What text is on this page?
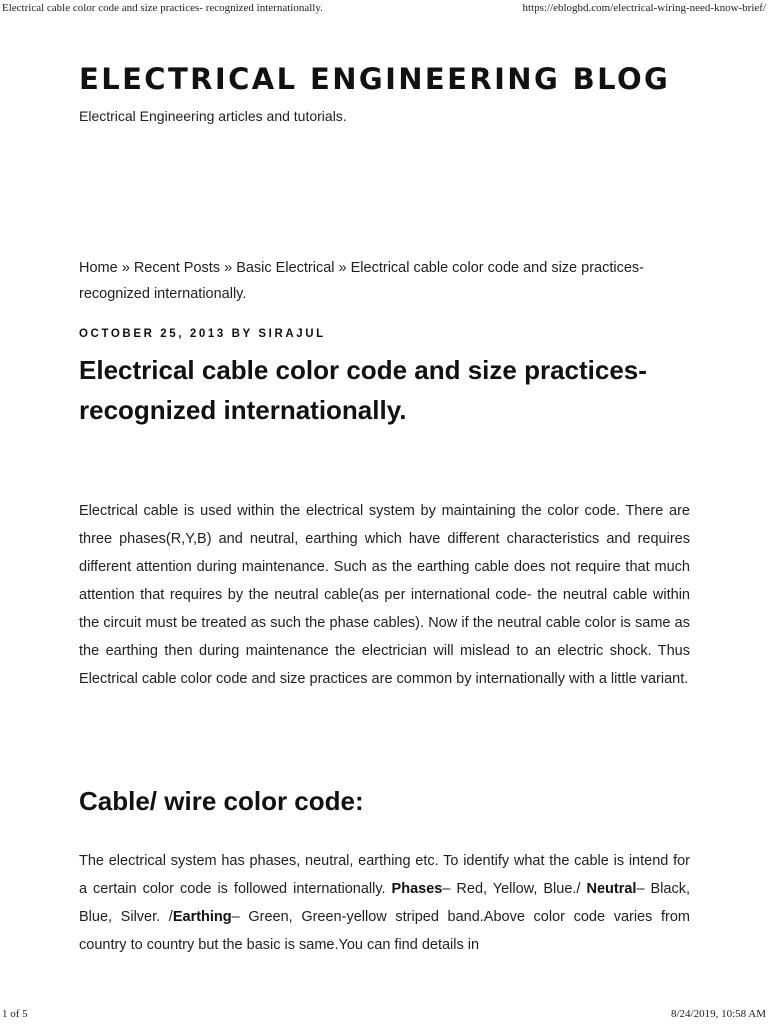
Electrical cable color code and size practices- recognized internationally.	https://eblogbd.com/electrical-wiring-need-know-brief/
ELECTRICAL ENGINEERING BLOG
Electrical Engineering articles and tutorials.
Home » Recent Posts » Basic Electrical » Electrical cable color code and size practices- recognized internationally.
OCTOBER 25, 2013 BY SIRAJUL
Electrical cable color code and size practices- recognized internationally.

Electrical cable is used within the electrical system by maintaining the color code. There are three phases(R,Y,B) and neutral, earthing which have different characteristics and requires different attention during maintenance. Such as the earthing cable does not require that much attention that requires by the neutral cable(as per international code- the neutral cable within the circuit must be treated as such the phase cables). Now if the neutral cable color is same as the earthing then during maintenance the electrician will mislead to an electric shock. Thus Electrical cable color code and size practices are common by internationally with a little variant.

Cable/ wire color code:

The electrical system has phases, neutral, earthing etc. To identify what the cable is intend for a certain color code is followed internationally. Phases– Red, Yellow, Blue./ Neutral– Black, Blue, Silver. /Earthing– Green, Green-yellow striped band.Above color code varies from country to country but the basic is same.You can find details in

1 of 5	8/24/2019, 10:58 AM
